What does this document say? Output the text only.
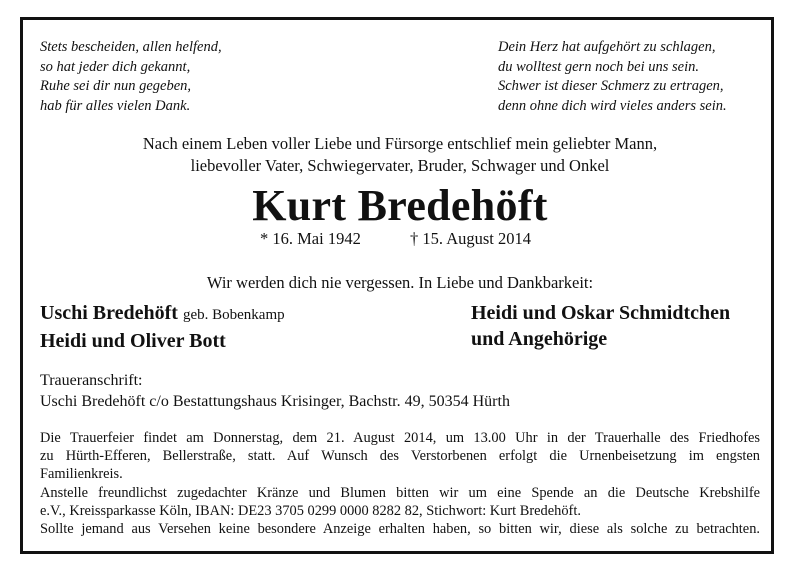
Stets bescheiden, allen helfend,
so hat jeder dich gekannt,
Ruhe sei dir nun gegeben,
hab für alles vielen Dank.
Dein Herz hat aufgehört zu schlagen,
du wolltest gern noch bei uns sein.
Schwer ist dieser Schmerz zu ertragen,
denn ohne dich wird vieles anders sein.
Nach einem Leben voller Liebe und Fürsorge entschlief mein geliebter Mann,
liebevoller Vater, Schwiegervater, Bruder, Schwager und Onkel
Kurt Bredehöft
* 16. Mai 1942	† 15. August 2014
Wir werden dich nie vergessen. In Liebe und Dankbarkeit:
Uschi Bredehöft geb. Bobenkamp
Heidi und Oliver Bott
Heidi und Oskar Schmidtchen
und Angehörige
Traueranschrift:
Uschi Bredehöft c/o Bestattungshaus Krisinger, Bachstr. 49, 50354 Hürth
Die Trauerfeier findet am Donnerstag, dem 21. August 2014, um 13.00 Uhr in der Trauerhalle des Friedhofes
zu Hürth-Efferen, Bellerstraße, statt. Auf Wunsch des Verstorbenen erfolgt die Urnenbeisetzung im engsten
Familienkreis.
Anstelle freundlichst zugedachter Kränze und Blumen bitten wir um eine Spende an die Deutsche Krebshilfe
e.V., Kreissparkasse Köln, IBAN: DE23 3705 0299 0000 8282 82, Stichwort: Kurt Bredehöft.
Sollte jemand aus Versehen keine besondere Anzeige erhalten haben, so bitten wir, diese als solche zu betrachten.
